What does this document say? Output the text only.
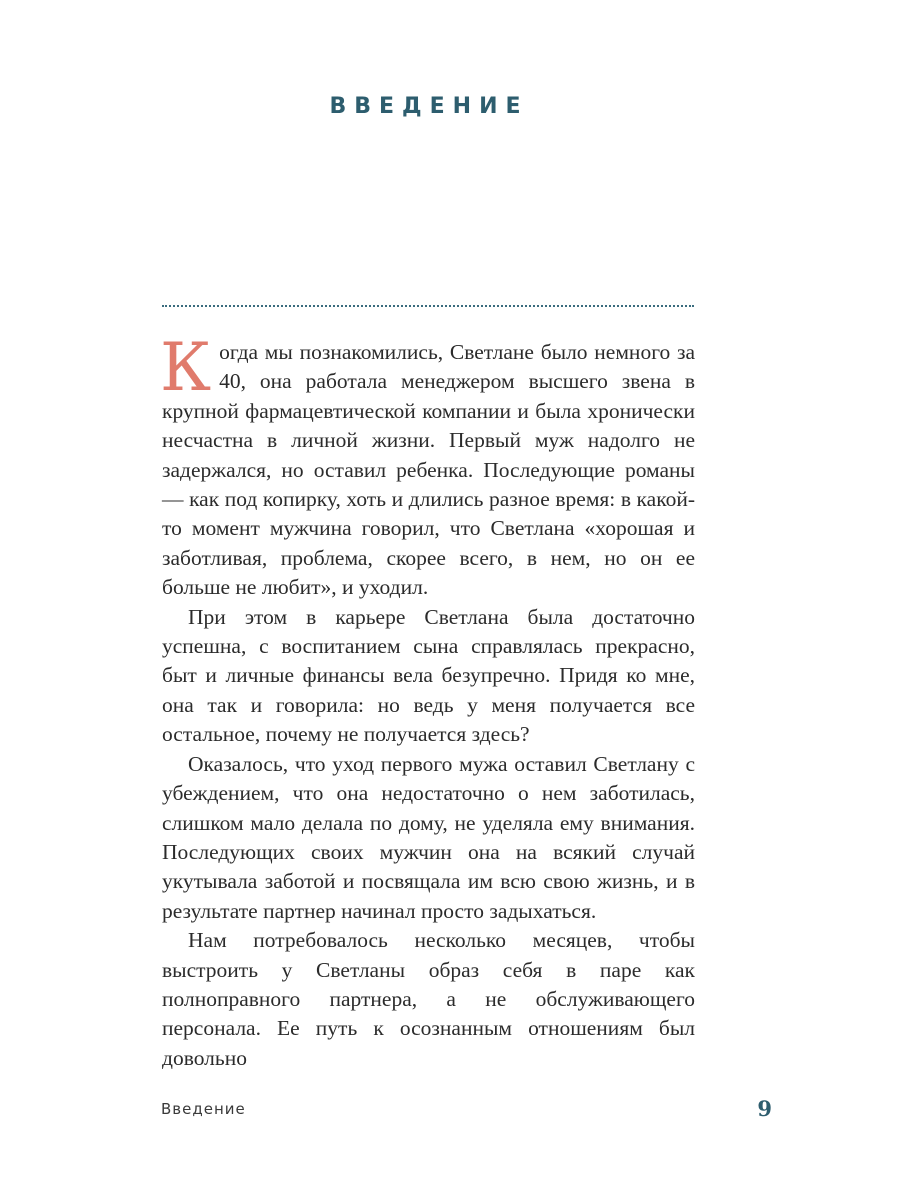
ВВЕДЕНИЕ

Когда мы познакомились, Светлане было немного за 40, она работала менеджером высшего звена в крупной фармацевтической компании и была хронически несчастна в личной жизни. Первый муж надолго не задержался, но оставил ребенка. Последующие романы — как под копирку, хоть и длились разное время: в какой-то момент мужчина говорил, что Светлана «хорошая и заботливая, проблема, скорее всего, в нем, но он ее больше не любит», и уходил.

При этом в карьере Светлана была достаточно успешна, с воспитанием сына справлялась прекрасно, быт и личные финансы вела безупречно. Придя ко мне, она так и говорила: но ведь у меня получается все остальное, почему не получается здесь?

Оказалось, что уход первого мужа оставил Светлану с убеждением, что она недостаточно о нем заботилась, слишком мало делала по дому, не уделяла ему внимания. Последующих своих мужчин она на всякий случай укутывала заботой и посвящала им всю свою жизнь, и в результате партнер начинал просто задыхаться.

Нам потребовалось несколько месяцев, чтобы выстроить у Светланы образ себя в паре как полноправного партнера, а не обслуживающего персонала. Ее путь к осознанным отношениям был довольно

Введение	9
